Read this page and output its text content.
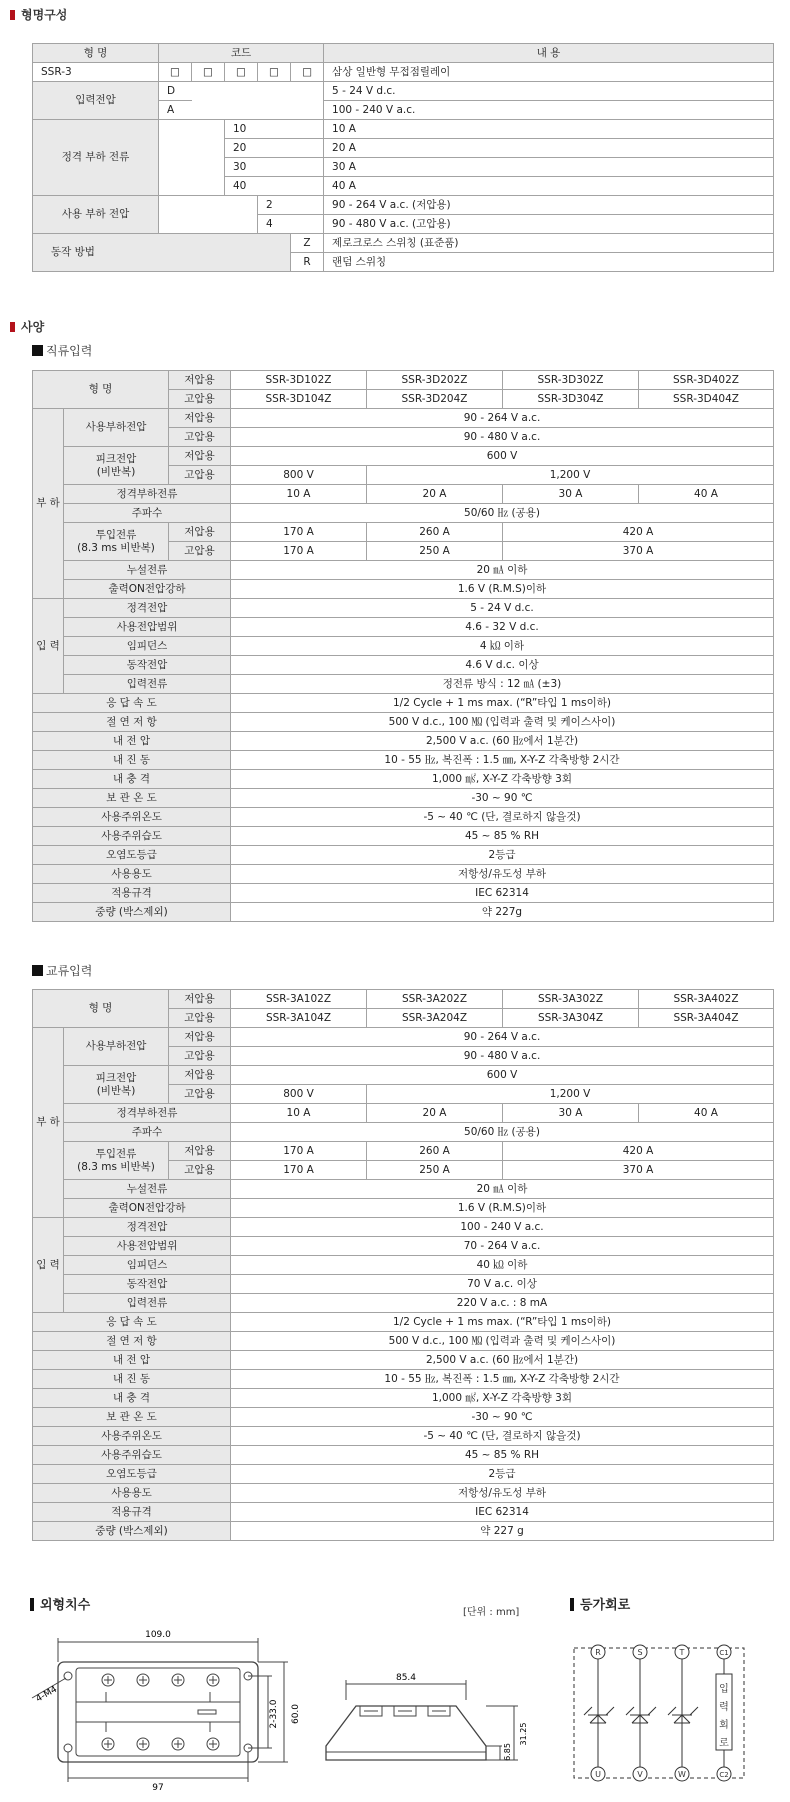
형명구성
형 명	코드					내 용
SSR-3	□	□	□	□	□	삼상 일반형 무접점릴레이
입력전압	D					5 - 24 V d.c.
	A					100 - 240 V a.c.
정격 부하 전류			10			10 A
			20			20 A
			30			30 A
			40			40 A
사용 부하 전압				2		90 - 264 V a.c. (저압용)
				4		90 - 480 V a.c. (고압용)
동작 방법					Z	제로크로스 스위칭 (표준품)
					R	랜덤 스위칭
사양
직류입력
형 명		저압용	SSR-3D102Z	SSR-3D202Z	SSR-3D302Z	SSR-3D402Z
		고압용	SSR-3D104Z	SSR-3D204Z	SSR-3D304Z	SSR-3D404Z
부 하	사용부하전압	저압용	90 - 264 V a.c.			
		고압용	90 - 480 V a.c.			
	피크전압
(비반복)	저압용	600 V			
		고압용	800 V	1,200 V		
	정격부하전류		10 A	20 A	30 A	40 A
	주파수		50/60 ㎐ (공용)			
	투입전류
(8.3 ms 비반복)	저압용	170 A	260 A	420 A	
		고압용	170 A	250 A	370 A	
	누설전류		20 ㎃ 이하			
	출력ON전압강하		1.6 V (R.M.S)이하			
입 력	정격전압		5 - 24 V d.c.			
	사용전압범위		4.6 - 32 V d.c.			
	임피던스		4 ㏀ 이하			
	동작전압		4.6 V d.c. 이상			
	입력전류		정전류 방식 : 12 ㎃ (±3)			
응 답 속 도			1/2 Cycle + 1 ms max. (“R”타입 1 ms이하)			
절 연 저 항			500 V d.c., 100 ㏁ (입력과 출력 및 케이스사이)			
내 전 압			2,500 V a.c. (60 ㎐에서 1분간)			
내 진 동			10 - 55 ㎐, 복진폭 : 1.5 ㎜, X-Y-Z 각축방향 2시간			
내 충 격			1,000 ㎨, X-Y-Z 각축방향 3회			
보 관 온 도			-30 ~ 90 ℃			
사용주위온도			-5 ~ 40 ℃ (단, 결로하지 않을것)			
사용주위습도			45 ~ 85 % RH			
오염도등급			2등급			
사용용도			저항성/유도성 부하			
적용규격			IEC 62314			
중량 (박스제외)			약 227g			
교류입력
형 명		저압용	SSR-3A102Z	SSR-3A202Z	SSR-3A302Z	SSR-3A402Z
		고압용	SSR-3A104Z	SSR-3A204Z	SSR-3A304Z	SSR-3A404Z
부 하	사용부하전압	저압용	90 - 264 V a.c.			
		고압용	90 - 480 V a.c.			
	피크전압
(비반복)	저압용	600 V			
		고압용	800 V	1,200 V		
	정격부하전류		10 A	20 A	30 A	40 A
	주파수		50/60 ㎐ (공용)			
	투입전류
(8.3 ms 비반복)	저압용	170 A	260 A	420 A	
		고압용	170 A	250 A	370 A	
	누설전류		20 ㎃ 이하			
	출력ON전압강하		1.6 V (R.M.S)이하			
입 력	정격전압		100 - 240 V a.c.			
	사용전압범위		70 - 264 V a.c.			
	임피던스		40 ㏀ 이하			
	동작전압		70 V a.c. 이상			
	입력전류		220 V a.c. : 8 mA			
응 답 속 도			1/2 Cycle + 1 ms max. (“R”타입 1 ms이하)			
절 연 저 항			500 V d.c., 100 ㏁ (입력과 출력 및 케이스사이)			
내 전 압			2,500 V a.c. (60 ㎐에서 1분간)			
내 진 동			10 - 55 ㎐, 복진폭 : 1.5 ㎜, X-Y-Z 각축방향 2시간			
내 충 격			1,000 ㎨, X-Y-Z 각축방향 3회			
보 관 온 도			-30 ~ 90 ℃			
사용주위온도			-5 ~ 40 ℃ (단, 결로하지 않을것)			
사용주위습도			45 ~ 85 % RH			
오염도등급			2등급			
사용용도			저항성/유도성 부하			
적용규격			IEC 62314			
중량 (박스제외)			약 227 g			
외형치수	[단위 : mm]	등가회로
109.0
97
60.0
2-33.0
4-M4
85.4
6.85
31.25
R	S	T	C1
U	V	W	C2
입
력
회
로
